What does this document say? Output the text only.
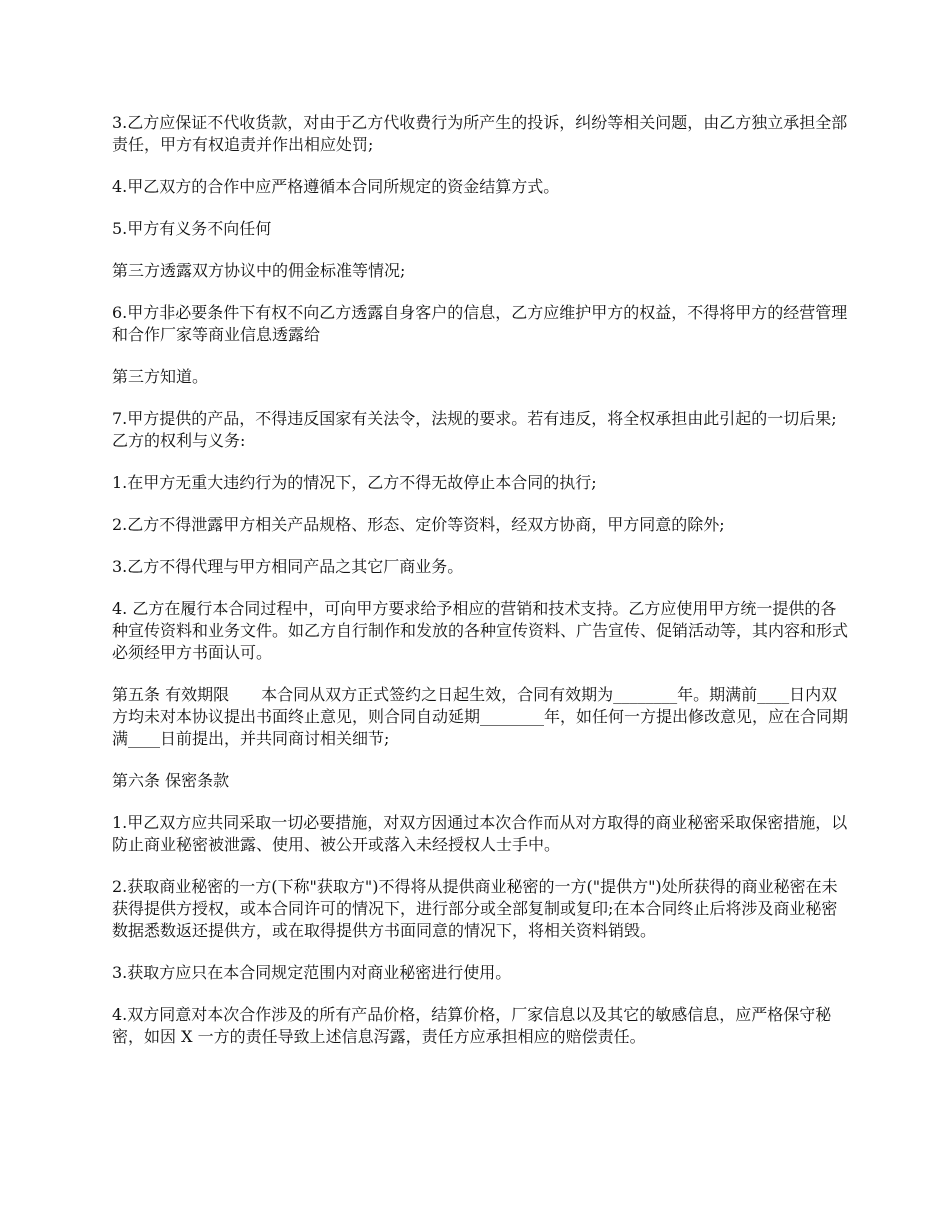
3.乙方应保证不代收货款，对由于乙方代收费行为所产生的投诉，纠纷等相关问题，由乙方独立承担全部责任，甲方有权追责并作出相应处罚;

4.甲乙双方的合作中应严格遵循本合同所规定的资金结算方式。

5.甲方有义务不向任何

第三方透露双方协议中的佣金标准等情况;

6.甲方非必要条件下有权不向乙方透露自身客户的信息，乙方应维护甲方的权益，不得将甲方的经营管理和合作厂家等商业信息透露给

第三方知道。

7.甲方提供的产品，不得违反国家有关法令，法规的要求。若有违反，将全权承担由此引起的一切后果;　　乙方的权利与义务:

1.在甲方无重大违约行为的情况下，乙方不得无故停止本合同的执行;

2.乙方不得泄露甲方相关产品规格、形态、定价等资料，经双方协商，甲方同意的除外;

3.乙方不得代理与甲方相同产品之其它厂商业务。

4. 乙方在履行本合同过程中，可向甲方要求给予相应的营销和技术支持。乙方应使用甲方统一提供的各种宣传资料和业务文件。如乙方自行制作和发放的各种宣传资料、广告宣传、促销活动等，其内容和形式必须经甲方书面认可。

第五条 有效期限　　本合同从双方正式签约之日起生效，合同有效期为________年。期满前____日内双方均未对本协议提出书面终止意见，则合同自动延期________年，如任何一方提出修改意见，应在合同期满____日前提出，并共同商讨相关细节;

第六条 保密条款

1.甲乙双方应共同采取一切必要措施，对双方因通过本次合作而从对方取得的商业秘密采取保密措施，以防止商业秘密被泄露、使用、被公开或落入未经授权人士手中。

2.获取商业秘密的一方(下称"获取方")不得将从提供商业秘密的一方("提供方")处所获得的商业秘密在未获得提供方授权，或本合同许可的情况下，进行部分或全部复制或复印;在本合同终止后将涉及商业秘密数据悉数返还提供方，或在取得提供方书面同意的情况下，将相关资料销毁。

3.获取方应只在本合同规定范围内对商业秘密进行使用。

4.双方同意对本次合作涉及的所有产品价格，结算价格，厂家信息以及其它的敏感信息，应严格保守秘密，如因 X 一方的责任导致上述信息泻露，责任方应承担相应的赔偿责任。
